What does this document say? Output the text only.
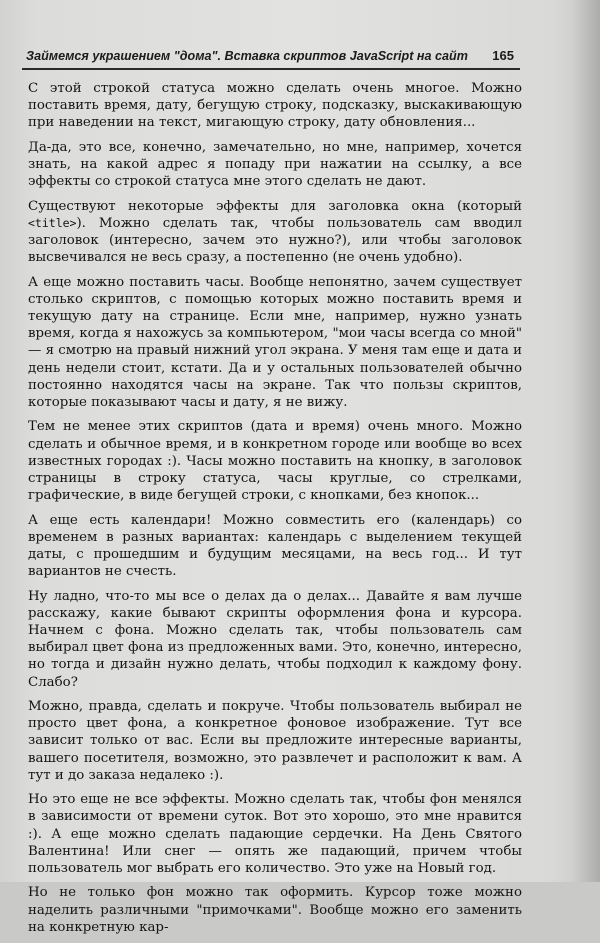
Займемся украшением "дома". Вставка скриптов JavaScript на сайт 165

С этой строкой статуса можно сделать очень многое. Можно поставить время, дату, бегущую строку, подсказку, выскакивающую при наведении на текст, мигающую строку, дату обновления...

Да-да, это все, конечно, замечательно, но мне, например, хочется знать, на какой адрес я попаду при нажатии на ссылку, а все эффекты со строкой статуса мне этого сделать не дают.

Существуют некоторые эффекты для заголовка окна (который <title>). Можно сделать так, чтобы пользователь сам вводил заголовок (интересно, зачем это нужно?), или чтобы заголовок высвечивался не весь сразу, а постепенно (не очень удобно).

А еще можно поставить часы. Вообще непонятно, зачем существует столько скриптов, с помощью которых можно поставить время и текущую дату на странице. Если мне, например, нужно узнать время, когда я нахожусь за компьютером, "мои часы всегда со мной" — я смотрю на правый нижний угол экрана. У меня там еще и дата и день недели стоит, кстати. Да и у остальных пользователей обычно постоянно находятся часы на экране. Так что пользы скриптов, которые показывают часы и дату, я не вижу.

Тем не менее этих скриптов (дата и время) очень много. Можно сделать и обычное время, и в конкретном городе или вообще во всех известных городах :). Часы можно поставить на кнопку, в заголовок страницы в строку статуса, часы круглые, со стрелками, графические, в виде бегущей строки, с кнопками, без кнопок...

А еще есть календари! Можно совместить его (календарь) со временем в разных вариантах: календарь с выделением текущей даты, с прошедшим и будущим месяцами, на весь год... И тут вариантов не счесть.

Ну ладно, что-то мы все о делах да о делах... Давайте я вам лучше расскажу, какие бывают скрипты оформления фона и курсора. Начнем с фона. Можно сделать так, чтобы пользователь сам выбирал цвет фона из предложенных вами. Это, конечно, интересно, но тогда и дизайн нужно делать, чтобы подходил к каждому фону. Слабо?

Можно, правда, сделать и покруче. Чтобы пользователь выбирал не просто цвет фона, а конкретное фоновое изображение. Тут все зависит только от вас. Если вы предложите интересные варианты, вашего посетителя, возможно, это развлечет и расположит к вам. А тут и до заказа недалеко :).

Но это еще не все эффекты. Можно сделать так, чтобы фон менялся в зависимости от времени суток. Вот это хорошо, это мне нравится :). А еще можно сделать падающие сердечки. На День Святого Валентина! Или снег — опять же падающий, причем чтобы пользователь мог выбрать его количество. Это уже на Новый год.

Но не только фон можно так оформить. Курсор тоже можно наделить различными "примочками". Вообще можно его заменить на конкретную кар-
